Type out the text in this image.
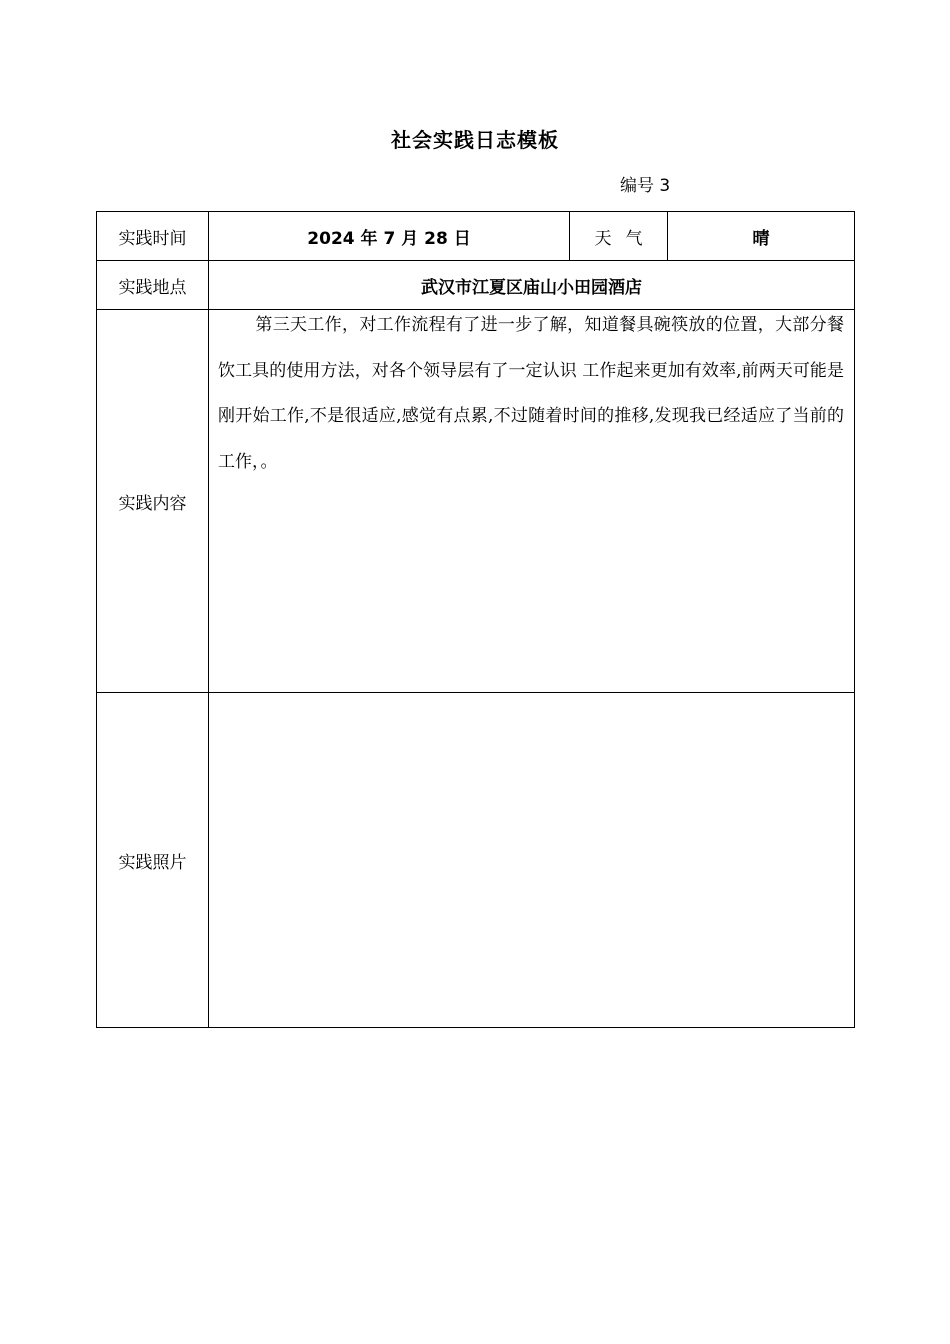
社会实践日志模板
编号 3
实践时间	2024 年 7 月 28 日	天气	晴
实践地点	武汉市江夏区庙山小田园酒店		
实践内容	第三天工作，对工作流程有了进一步了解，知道餐具碗筷放的位置，大部分餐饮工具的使用方法，对各个领导层有了一定认识 工作起来更加有效率,前两天可能是刚开始工作,不是很适应,感觉有点累,不过随着时间的推移,发现我已经适应了当前的工作，。		

实践照片			
